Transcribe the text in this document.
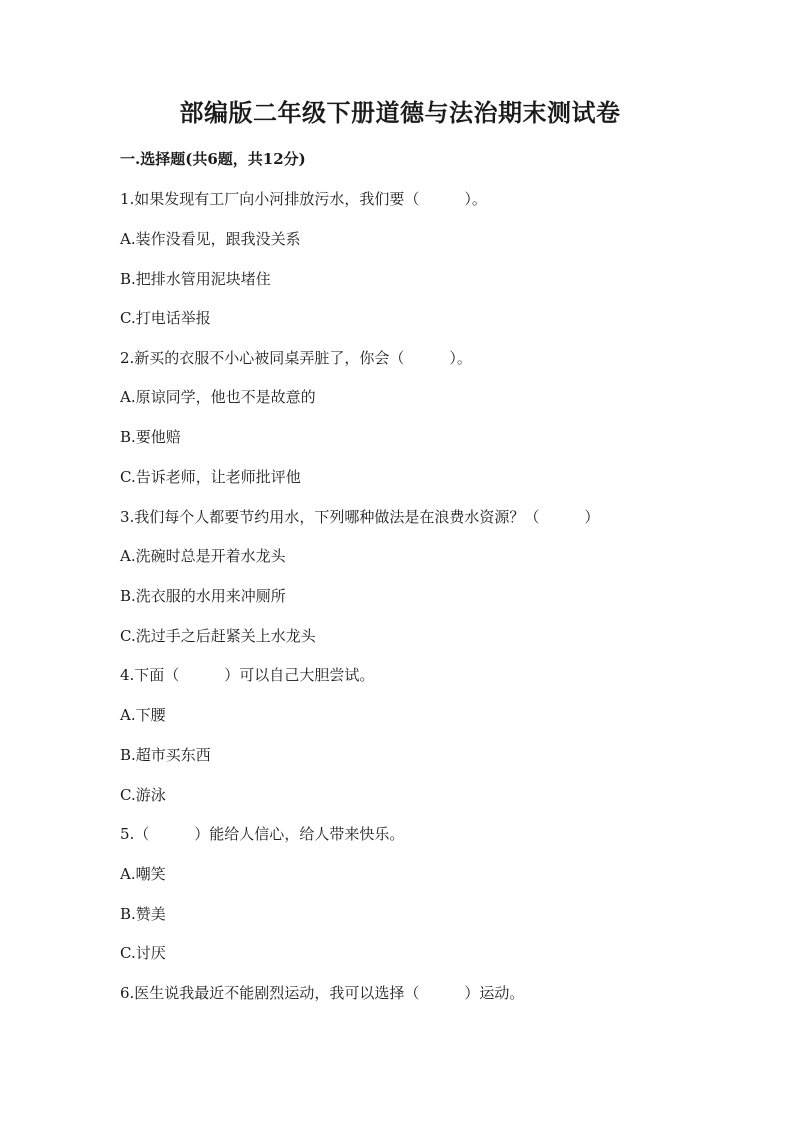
部编版二年级下册道德与法治期末测试卷
一.选择题(共6题，共12分)
1.如果发现有工厂向小河排放污水，我们要（　　　）。
A.装作没看见，跟我没关系
B.把排水管用泥块堵住
C.打电话举报
2.新买的衣服不小心被同桌弄脏了，你会（　　　）。
A.原谅同学，他也不是故意的
B.要他赔
C.告诉老师，让老师批评他
3.我们每个人都要节约用水，下列哪种做法是在浪费水资源？（　　　）
A.洗碗时总是开着水龙头
B.洗衣服的水用来冲厕所
C.洗过手之后赶紧关上水龙头
4.下面（　　　）可以自己大胆尝试。
A.下腰
B.超市买东西
C.游泳
5.（　　　）能给人信心，给人带来快乐。
A.嘲笑
B.赞美
C.讨厌
6.医生说我最近不能剧烈运动，我可以选择（　　　）运动。
